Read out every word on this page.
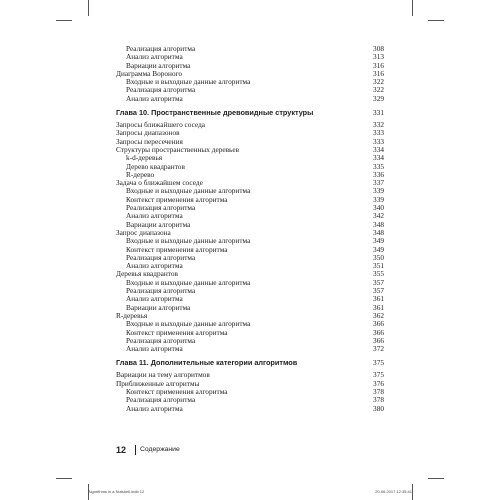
Реализация алгоритма	308
Анализ алгоритма	313
Вариации алгоритма	316
Диаграмма Вороного	316
Входные и выходные данные алгоритма	322
Реализация алгоритма	322
Анализ алгоритма	329
Глава 10. Пространственные древовидные структуры	331
Запросы ближайшего соседа	332
Запросы диапазонов	333
Запросы пересечения	333
Структуры пространственных деревьев	334
k-d-деревья	334
Дерево квадрантов	335
R-дерево	336
Задача о ближайшем соседе	337
Входные и выходные данные алгоритма	339
Контекст применения алгоритма	339
Реализация алгоритма	340
Анализ алгоритма	342
Вариации алгоритма	348
Запрос диапазона	348
Входные и выходные данные алгоритма	349
Контекст применения алгоритма	349
Реализация алгоритма	350
Анализ алгоритма	351
Деревья квадрантов	355
Входные и выходные данные алгоритма	357
Реализация алгоритма	357
Анализ алгоритма	361
Вариации алгоритма	361
R-деревья	362
Входные и выходные данные алгоритма	366
Контекст применения алгоритма	366
Реализация алгоритма	366
Анализ алгоритма	372
Глава 11. Дополнительные категории алгоритмов	375
Вариации на тему алгоритмов	375
Приближенные алгоритмы	376
Контекст применения алгоритма	378
Реализация алгоритма	378
Анализ алгоритма	380
12 Содержание
Algorithms in a Nutshell.indb 12	20.06.2017 12:35:41
